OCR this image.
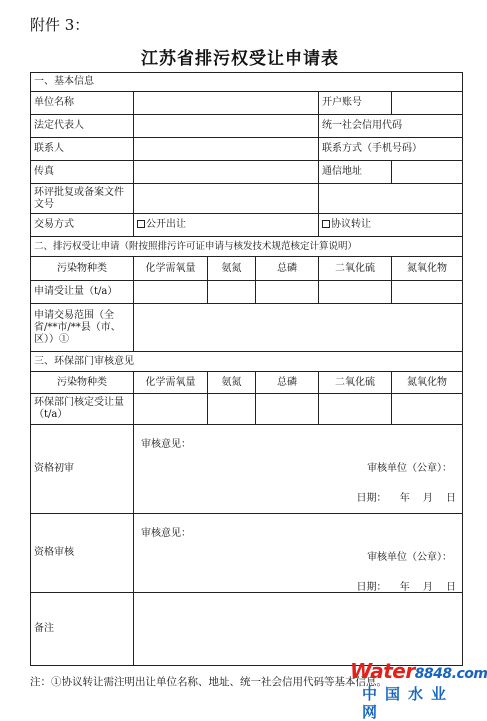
附件 3：
江苏省排污权受让申请表
一、基本信息					
单位名称				开户账号	
法定代表人				统一社会信用代码	
联系人				联系方式（手机号码）	
传真				通信地址	
环评批复或备案文件文号					
交易方式	公开出让			协议转让	
二、排污权受让申请（附按照排污许可证申请与核发技术规范核定计算说明）					
污染物种类	化学需氧量	氨氮	总磷	二氧化硫	氮氧化物
申请受让量（t/a）					
申请交易范围（全省/**市/**县（市、区））①					
三、环保部门审核意见					
污染物种类	化学需氧量	氨氮	总磷	二氧化硫	氮氧化物
环保部门核定受让量（t/a）					
资格初审	审核意见：
审核单位（公章）：
日期： 年 月 日				

资格审核	审核意见：
审核单位（公章）：
日期： 年 月 日				

备注					
注：①协议转让需注明出让单位名称、地址、统一社会信用代码等基本信息。
Water8848.com
中国水业网
